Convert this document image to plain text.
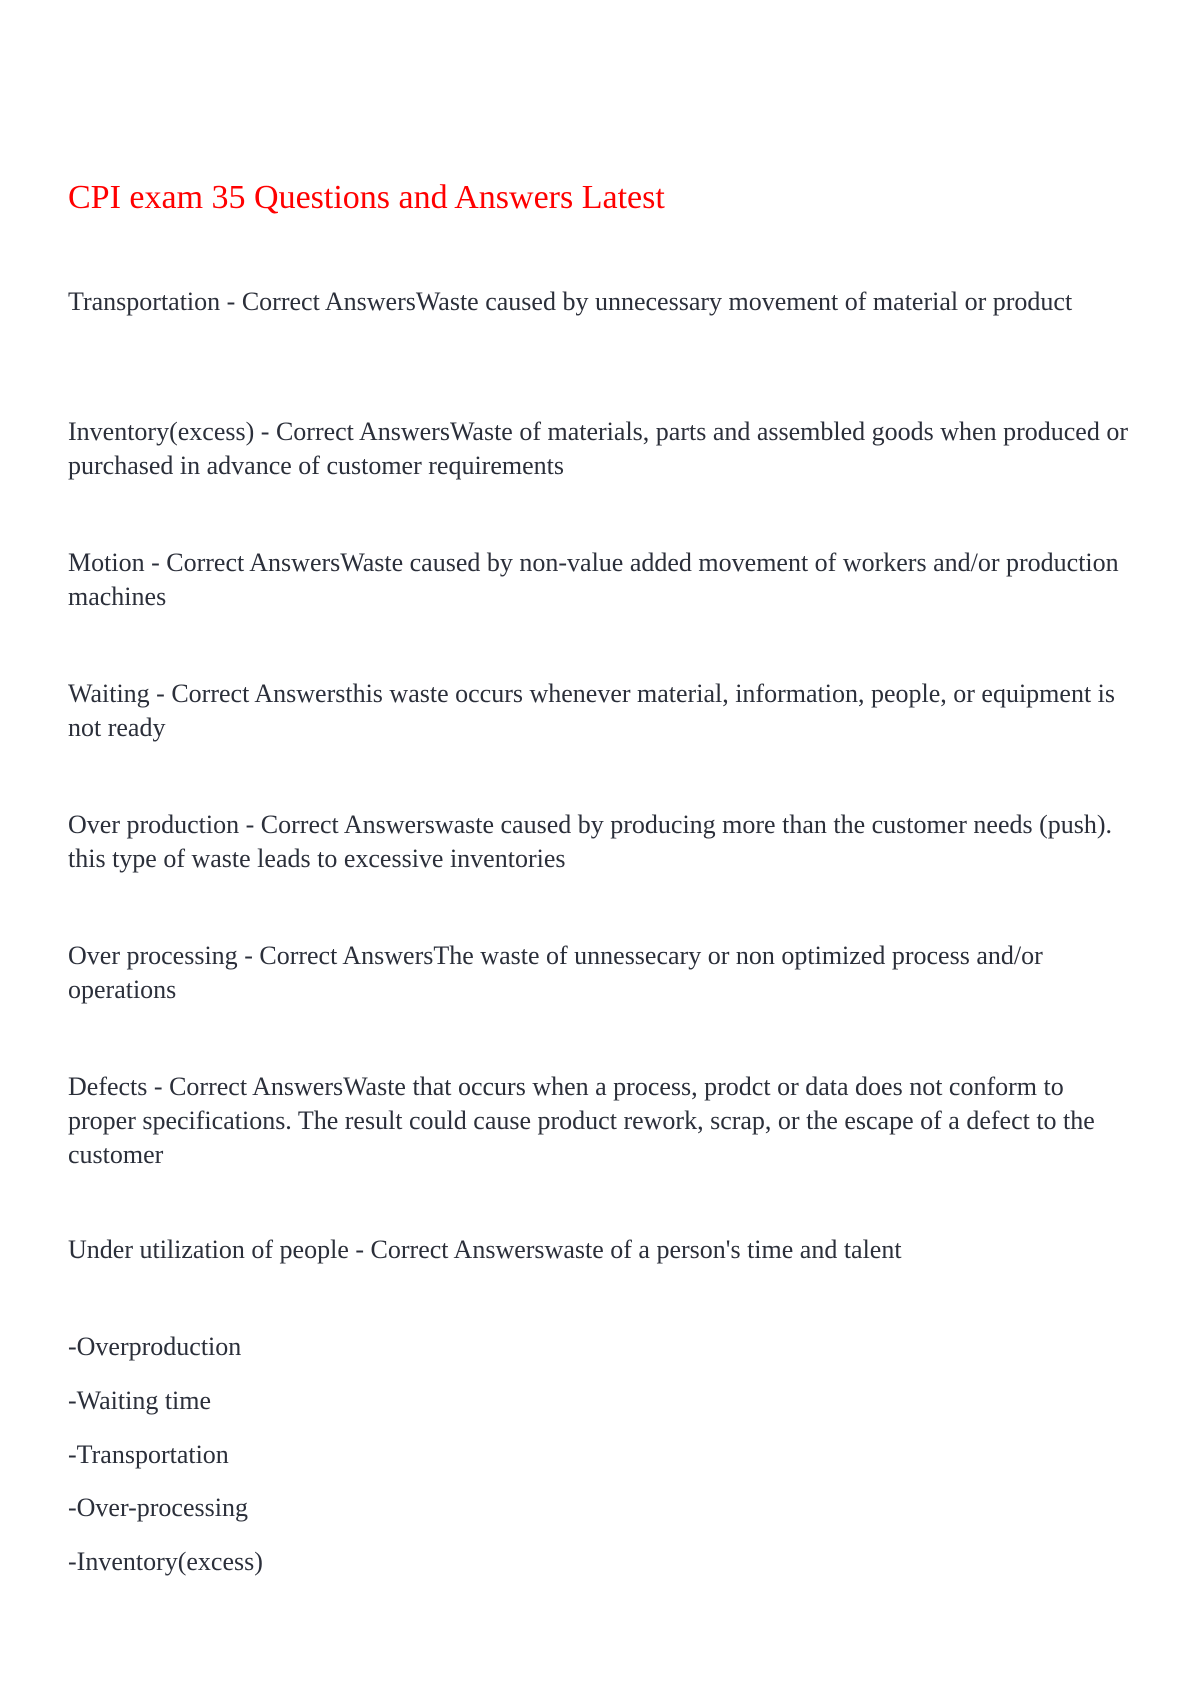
CPI exam 35 Questions and Answers Latest

Transportation - Correct AnswersWaste caused by unnecessary movement of material or product

Inventory(excess) - Correct AnswersWaste of materials, parts and assembled goods when produced or purchased in advance of customer requirements

Motion - Correct AnswersWaste caused by non-value added movement of workers and/or production machines

Waiting - Correct Answersthis waste occurs whenever material, information, people, or equipment is not ready

Over production - Correct Answerswaste caused by producing more than the customer needs (push). this type of waste leads to excessive inventories

Over processing - Correct AnswersThe waste of unnessecary or non optimized process and/or operations

Defects - Correct AnswersWaste that occurs when a process, prodct or data does not conform to proper specifications. The result could cause product rework, scrap, or the escape of a defect to the customer

Under utilization of people - Correct Answerswaste of a person's time and talent

-Overproduction

-Waiting time

-Transportation

-Over-processing

-Inventory(excess)
